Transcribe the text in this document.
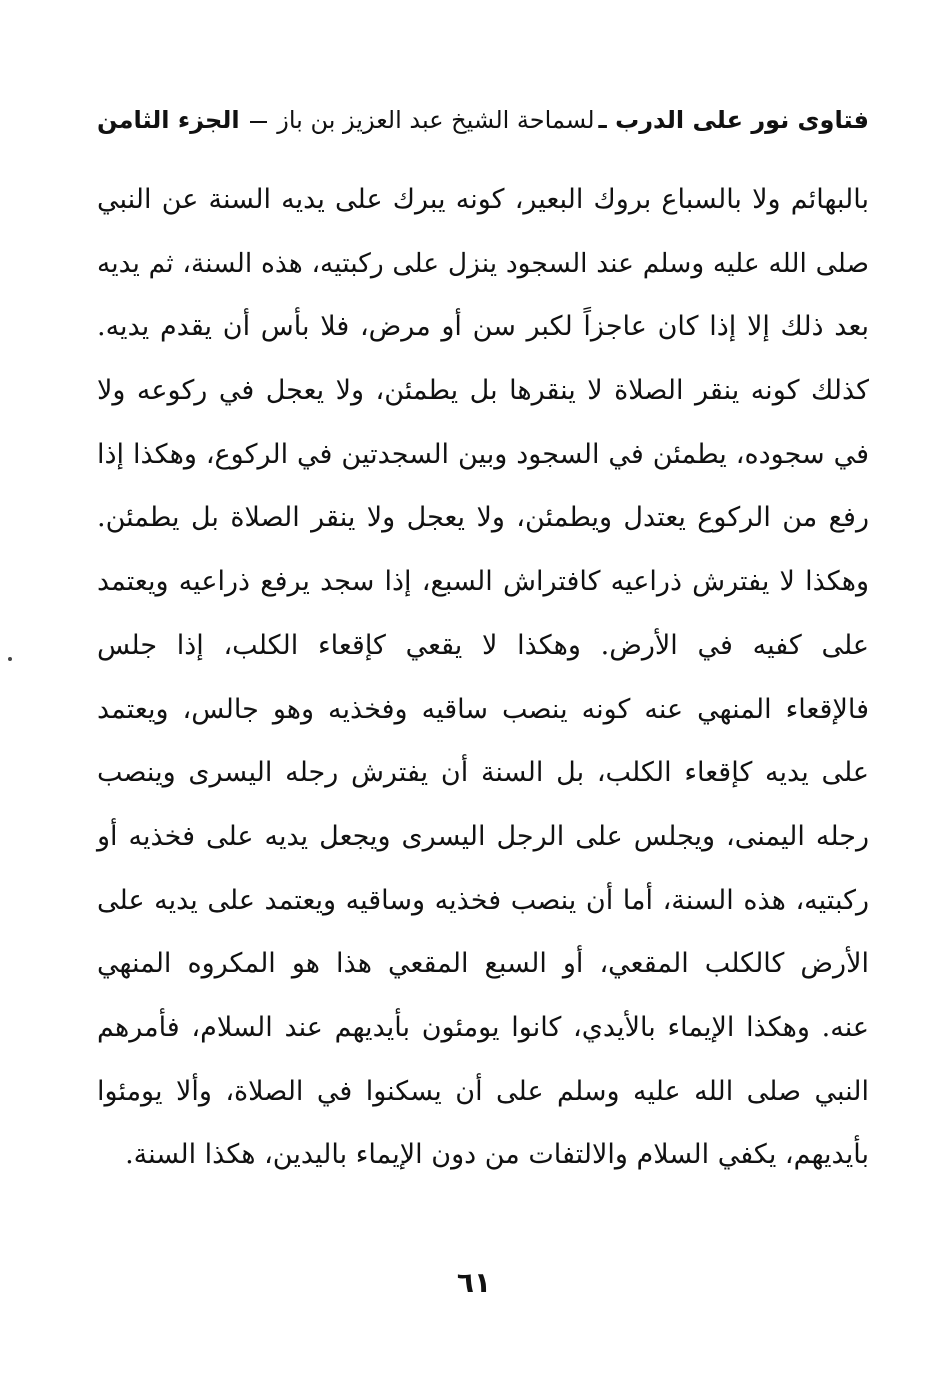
فتاوى نور على الدرب ـ
لسماحة الشيخ عبد العزيز بن باز
الجزء الثامن
بالبهائم ولا بالسباع بروك البعير، كونه يبرك على يديه السنة عن النبي
صلى الله عليه وسلم عند السجود ينزل على ركبتيه، هذه السنة، ثم يديه
بعد ذلك إلا إذا كان عاجزاً لكبر سن أو مرض، فلا بأس أن يقدم يديه.
كذلك كونه ينقر الصلاة لا ينقرها بل يطمئن، ولا يعجل في ركوعه ولا
في سجوده، يطمئن في السجود وبين السجدتين في الركوع، وهكذا إذا
رفع من الركوع يعتدل ويطمئن، ولا يعجل ولا ينقر الصلاة بل يطمئن.
وهكذا لا يفترش ذراعيه كافتراش السبع، إذا سجد يرفع ذراعيه ويعتمد
على كفيه في الأرض. وهكذا لا يقعي كإقعاء الكلب، إذا جلس
فالإقعاء المنهي عنه كونه ينصب ساقيه وفخذيه وهو جالس، ويعتمد
على يديه كإقعاء الكلب، بل السنة أن يفترش رجله اليسرى وينصب
رجله اليمنى، ويجلس على الرجل اليسرى ويجعل يديه على فخذيه أو
ركبتيه، هذه السنة، أما أن ينصب فخذيه وساقيه ويعتمد على يديه على
الأرض كالكلب المقعي، أو السبع المقعي هذا هو المكروه المنهي
عنه. وهكذا الإيماء بالأيدي، كانوا يومئون بأيديهم عند السلام، فأمرهم
النبي صلى الله عليه وسلم على أن يسكنوا في الصلاة، وألا يومئوا
بأيديهم، يكفي السلام والالتفات من دون الإيماء باليدين، هكذا السنة.
٦١
